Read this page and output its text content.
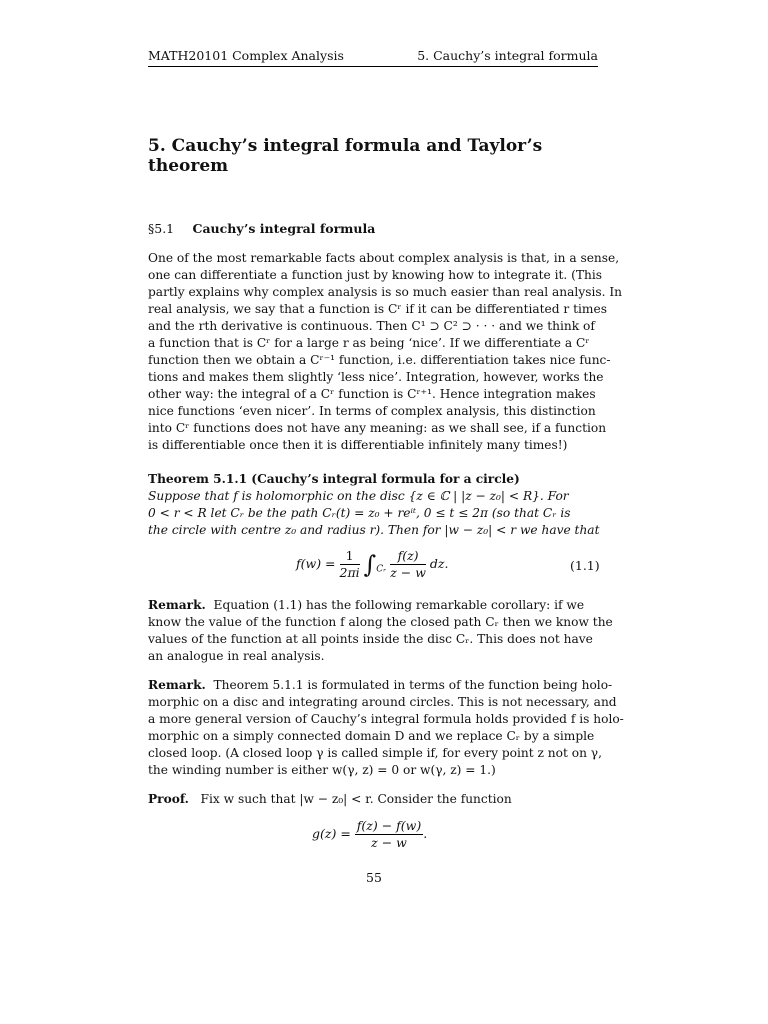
MATH20101 Complex Analysis	5. Cauchy’s integral formula
5. Cauchy’s integral formula and Taylor’s theorem
§5.1 Cauchy’s integral formula

One of the most remarkable facts about complex analysis is that, in a sense,

one can differentiate a function just by knowing how to integrate it. (This

partly explains why complex analysis is so much easier than real analysis. In

real analysis, we say that a function is Cʳ if it can be differentiated r times

and the rth derivative is continuous. Then C¹ ⊃ C² ⊃ · · · and we think of

a function that is Cʳ for a large r as being ‘nice’. If we differentiate a Cʳ

function then we obtain a Cʳ⁻¹ function, i.e. differentiation takes nice func-

tions and makes them slightly ‘less nice’. Integration, however, works the

other way: the integral of a Cʳ function is Cʳ⁺¹. Hence integration makes

nice functions ‘even nicer’. In terms of complex analysis, this distinction

into Cʳ functions does not have any meaning: as we shall see, if a function

is differentiable once then it is differentiable infinitely many times!)

Theorem 5.1.1 (Cauchy’s integral formula for a circle)

Suppose that f is holomorphic on the disc {z ∈ ℂ | |z − z₀| < R}. For

0 < r < R let Cᵣ be the path Cᵣ(t) = z₀ + reⁱᵗ, 0 ≤ t ≤ 2π (so that Cᵣ is

the circle with centre z₀ and radius r). Then for |w − z₀| < r we have that

$f(w) = \frac{1}{2\pi i} \int_{Cᵣ} \frac{f(z)}{z - w}$ dz.	(1.1)

Remark. Equation (1.1) has the following remarkable corollary: if we

know the value of the function f along the closed path Cᵣ then we know the

values of the function at all points inside the disc Cᵣ. This does not have

an analogue in real analysis.

Remark. Theorem 5.1.1 is formulated in terms of the function being holo-

morphic on a disc and integrating around circles. This is not necessary, and

a more general version of Cauchy’s integral formula holds provided f is holo-

morphic on a simply connected domain D and we replace Cᵣ by a simple

closed loop. (A closed loop γ is called simple if, for every point z not on γ,

the winding number is either w(γ, z) = 0 or w(γ, z) = 1.)

Proof. Fix w such that |w − z₀| < r. Consider the function

$g(z) = \frac{f(z) - f(w)}{z - w}$ .
55
